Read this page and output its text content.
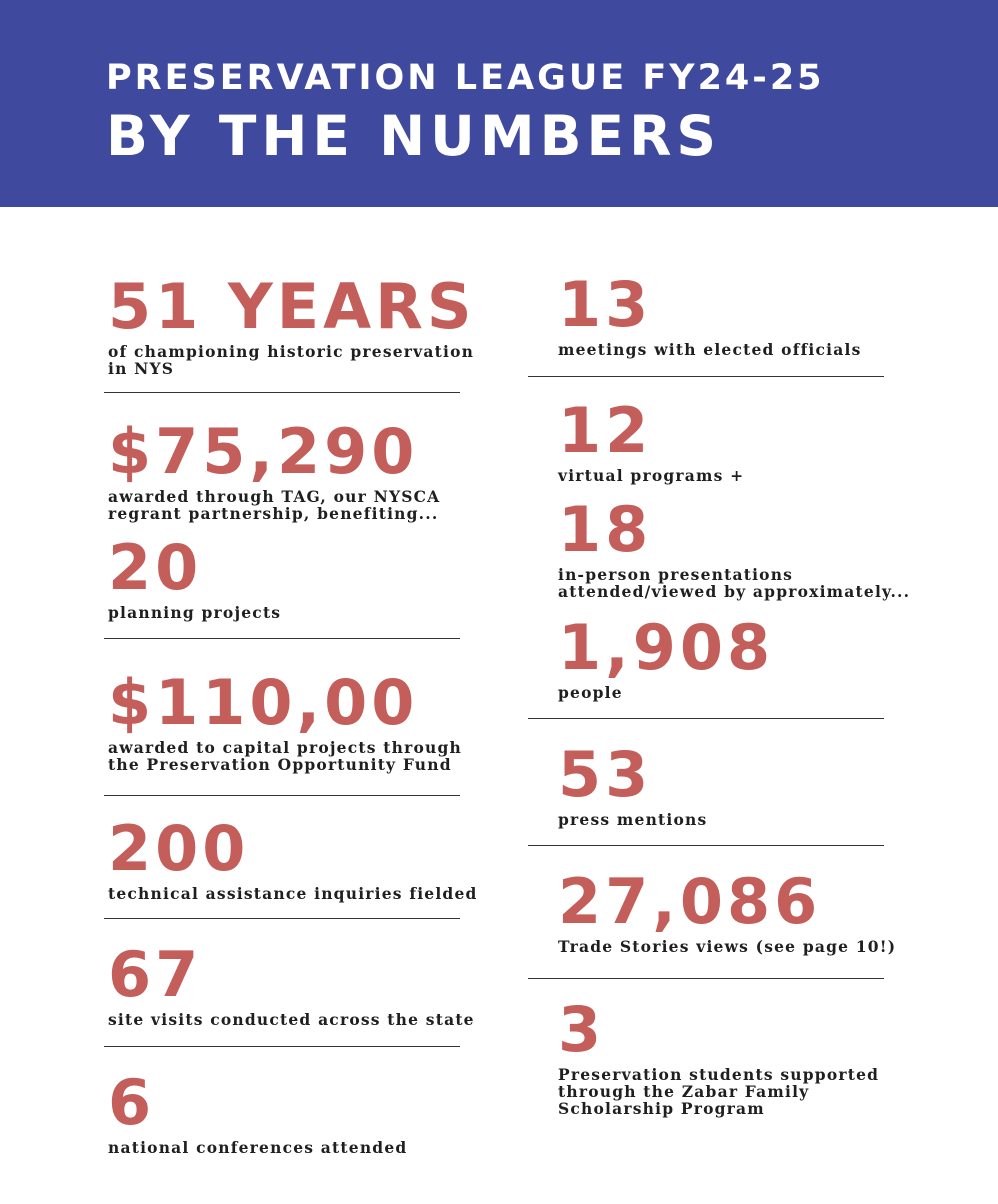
PRESERVATION LEAGUE FY24-25
BY THE NUMBERS
51 YEARS
of championing historic preservation in NYS
$75,290
awarded through TAG, our NYSCA regrant partnership, benefiting...
20
planning projects
$110,00
awarded to capital projects through the Preservation Opportunity Fund
200
technical assistance inquiries fielded
67
site visits conducted across the state
6
national conferences attended
13
meetings with elected officials
12
virtual programs +
18
in-person presentations attended/viewed by approximately...
1,908
people
53
press mentions
27,086
Trade Stories views (see page 10!)
3
Preservation students supported through the Zabar Family Scholarship Program
